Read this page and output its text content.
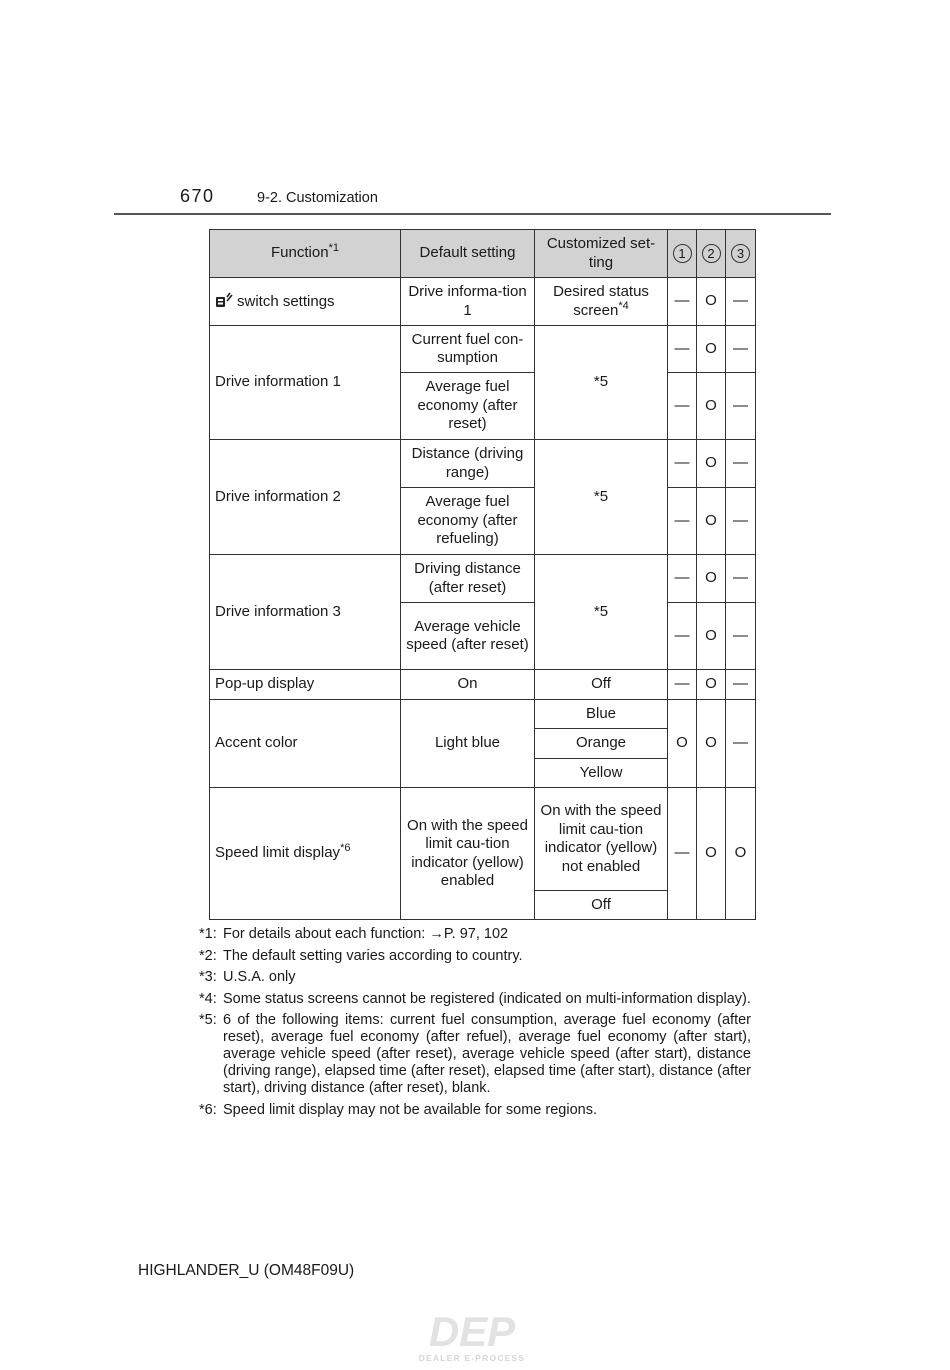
670	9-2. Customization
Function$^{*1}$	Default setting	Customized set-ting	1	2	3
switch settings	Drive informa-tion 1	Desired status screen$^{*4}$	—	O	—
Drive information 1	Current fuel con-sumption	*5	—	O	—
	Average fuel economy (after reset)		—	O	—
Drive information 2	Distance (driving range)	*5	—	O	—
	Average fuel economy (after refueling)		—	O	—
Drive information 3	Driving distance (after reset)	*5	—	O	—
	Average vehicle speed (after reset)		—	O	—
Pop-up display	On	Off	—	O	—
Accent color	Light blue	Blue	O	O	—
		Orange			
		Yellow			
Speed limit display$^{*6}$	On with the speed limit cau-tion indicator (yellow) enabled	On with the speed limit cau-tion indicator (yellow) not enabled	—	O	O
		Off			
*1: For details about each function: →P. 97, 102
*2: The default setting varies according to country.
*3: U.S.A. only
*4: Some status screens cannot be registered (indicated on multi-information display).
*5: 6 of the following items: current fuel consumption, average fuel economy (after reset), average fuel economy (after refuel), average fuel economy (after start), average vehicle speed (after reset), average vehicle speed (after start), distance (driving range), elapsed time (after reset), elapsed time (after start), distance (after start), driving distance (after reset), blank.
*6: Speed limit display may not be available for some regions.
HIGHLANDER_U (OM48F09U)
DEP
DEALER E-PROCESS
